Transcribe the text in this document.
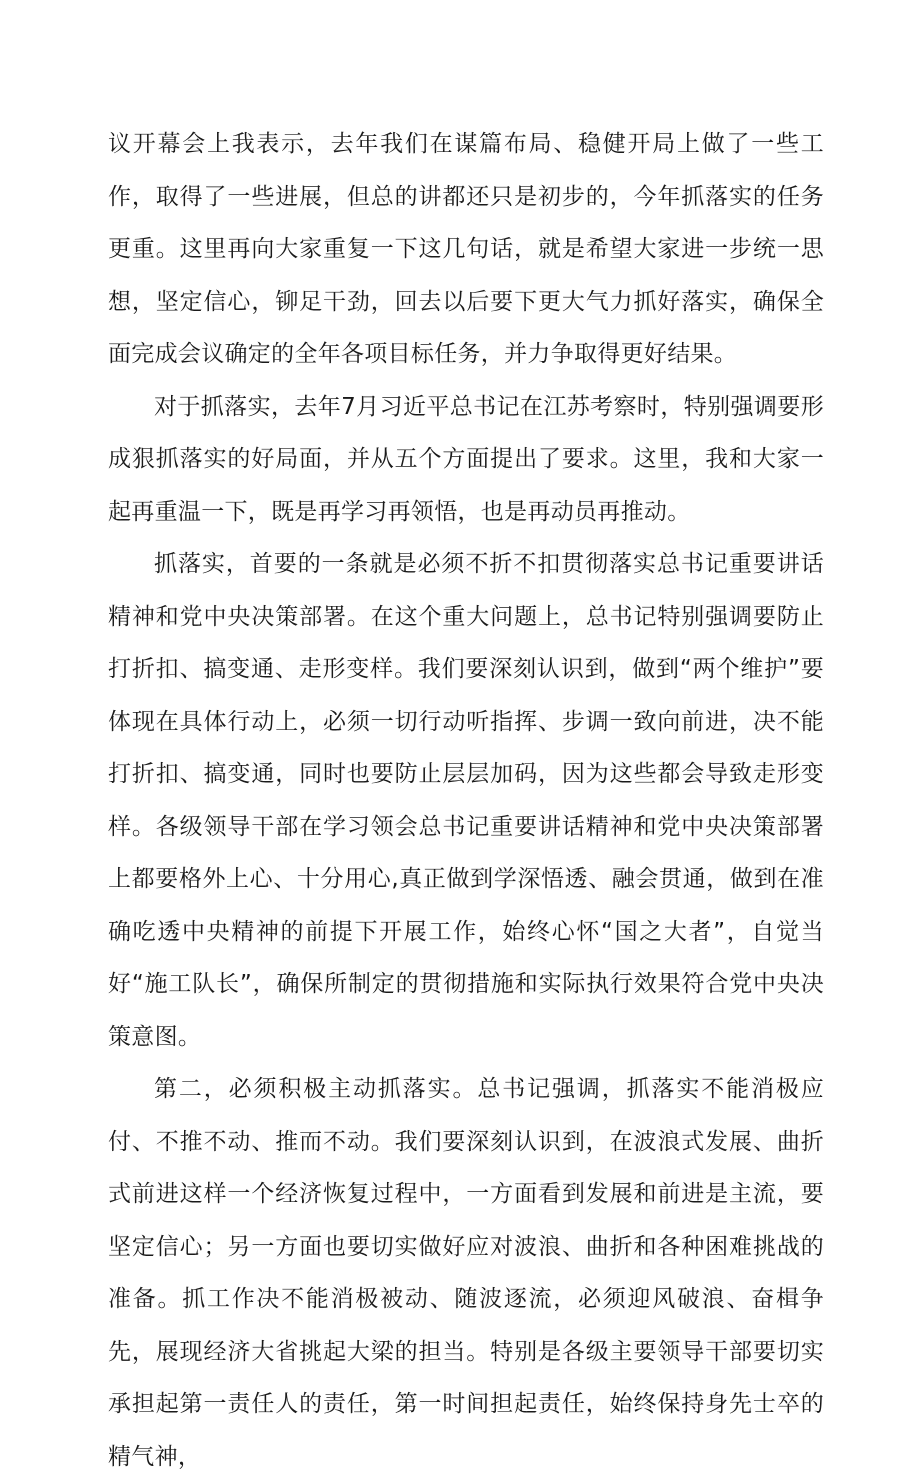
议开幕会上我表示，去年我们在谋篇布局、稳健开局上做了一些工作，取得了一些进展，但总的讲都还只是初步的，今年抓落实的任务更重。这里再向大家重复一下这几句话，就是希望大家进一步统一思想，坚定信心，铆足干劲，回去以后要下更大气力抓好落实，确保全面完成会议确定的全年各项目标任务，并力争取得更好结果。

对于抓落实，去年7月习近平总书记在江苏考察时，特别强调要形成狠抓落实的好局面，并从五个方面提出了要求。这里，我和大家一起再重温一下，既是再学习再领悟，也是再动员再推动。

抓落实，首要的一条就是必须不折不扣贯彻落实总书记重要讲话精神和党中央决策部署。在这个重大问题上，总书记特别强调要防止打折扣、搞变通、走形变样。我们要深刻认识到，做到“两个维护”要体现在具体行动上，必须一切行动听指挥、步调一致向前进，决不能打折扣、搞变通，同时也要防止层层加码，因为这些都会导致走形变样。各级领导干部在学习领会总书记重要讲话精神和党中央决策部署上都要格外上心、十分用心,真正做到学深悟透、融会贯通，做到在准确吃透中央精神的前提下开展工作，始终心怀“国之大者”，自觉当好“施工队长”，确保所制定的贯彻措施和实际执行效果符合党中央决策意图。

第二，必须积极主动抓落实。总书记强调，抓落实不能消极应付、不推不动、推而不动。我们要深刻认识到，在波浪式发展、曲折式前进这样一个经济恢复过程中，一方面看到发展和前进是主流，要坚定信心；另一方面也要切实做好应对波浪、曲折和各种困难挑战的准备。抓工作决不能消极被动、随波逐流，必须迎风破浪、奋楫争先，展现经济大省挑起大梁的担当。特别是各级主要领导干部要切实承担起第一责任人的责任，第一时间担起责任，始终保持身先士卒的精气神，
